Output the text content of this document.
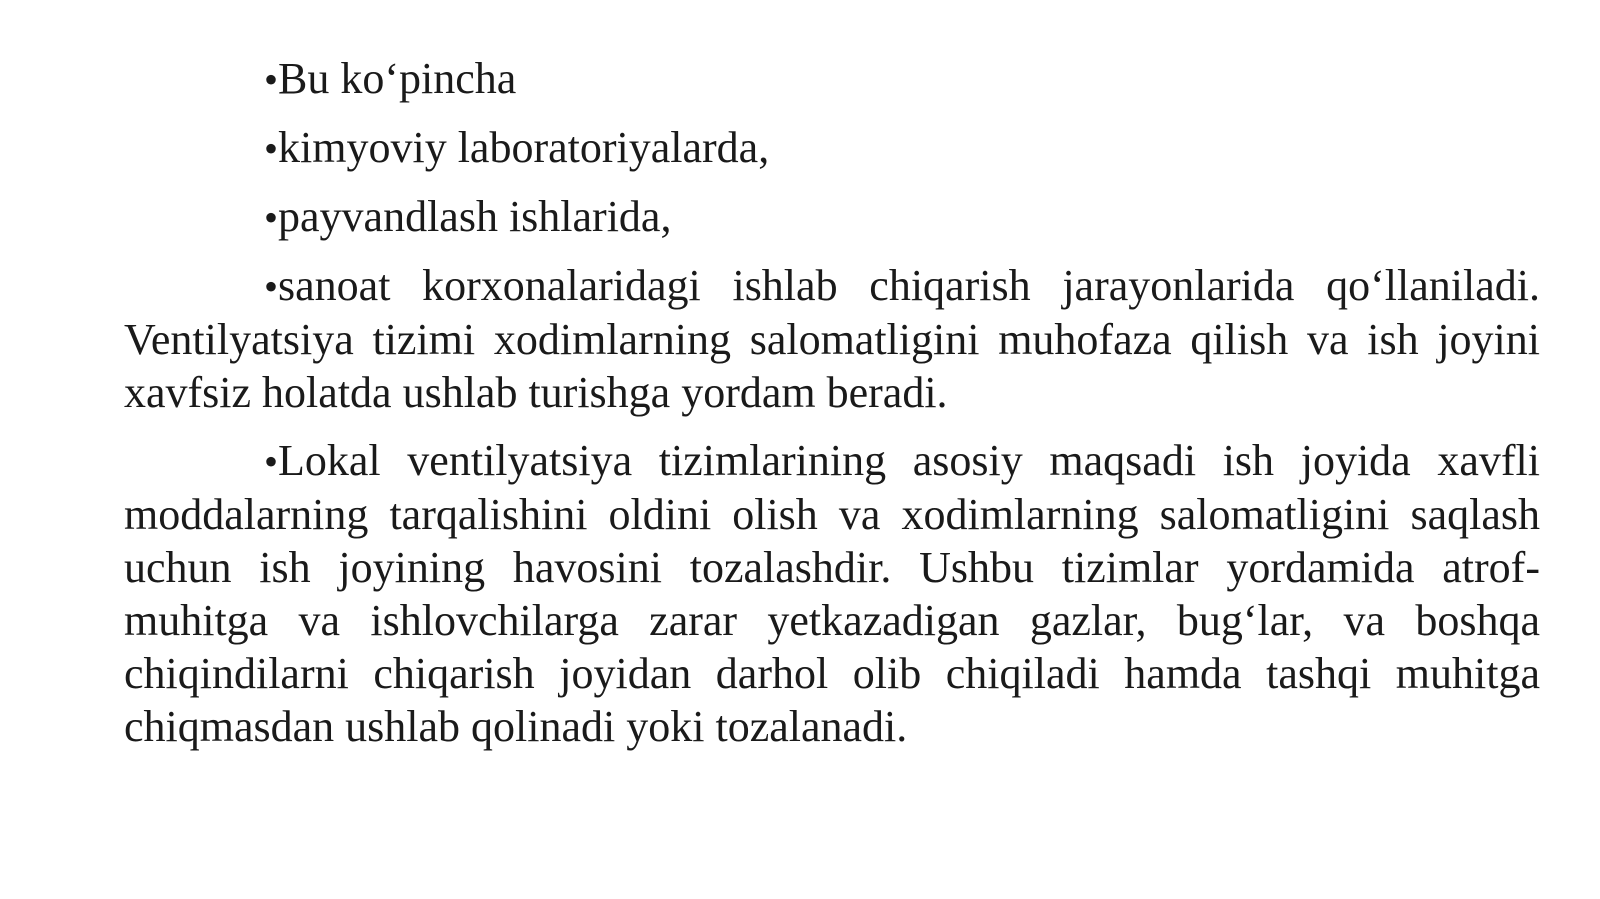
•Bu ko‘pincha

•kimyoviy laboratoriyalarda,

•payvandlash ishlarida,

•sanoat korxonalaridagi ishlab chiqarish jarayonlarida qo‘llaniladi. Ventilyatsiya tizimi xodimlarning salomatligini muhofaza qilish va ish joyini xavfsiz holatda ushlab turishga yordam beradi.

•Lokal ventilyatsiya tizimlarining asosiy maqsadi ish joyida xavfli moddalarning tarqalishini oldini olish va xodimlarning salomatligini saqlash uchun ish joyining havosini tozalashdir. Ushbu tizimlar yordamida atrof-muhitga va ishlovchilarga zarar yetkazadigan gazlar, bug‘lar, va boshqa chiqindilarni chiqarish joyidan darhol olib chiqiladi hamda tashqi muhitga chiqmasdan ushlab qolinadi yoki tozalanadi.
